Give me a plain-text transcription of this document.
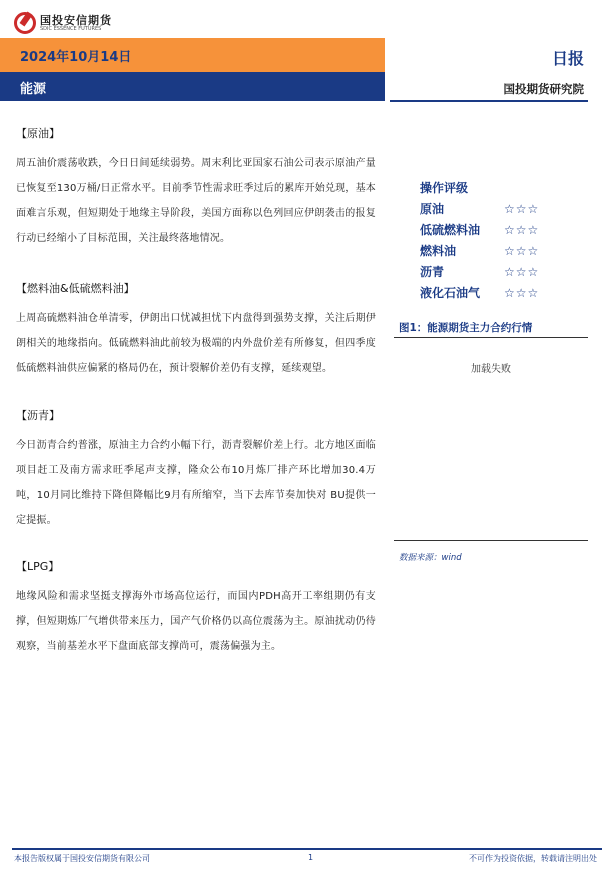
国投安信期货
SDIC ESSENCE FUTURES
2024年10月14日
能源
日报
国投期货研究院
【原油】
周五油价震荡收跌，今日日间延续弱势。周末利比亚国家石油公司表示原油产量已恢复至130万桶/日正常水平。目前季节性需求旺季过后的累库开始兑现，基本面难言乐观，但短期处于地缘主导阶段，美国方面称以色列回应伊朗袭击的报复行动已经缩小了目标范围，关注最终落地情况。
【燃料油&低硫燃料油】
上周高硫燃料油仓单清零，伊朗出口忧减担忧下内盘得到强势支撑，关注后期伊朗相关的地缘指向。低硫燃料油此前较为极端的内外盘价差有所修复，但四季度低硫燃料油供应偏紧的格局仍在，预计裂解价差仍有支撑，延续观望。
【沥青】
今日沥青合约普涨，原油主力合约小幅下行，沥青裂解价差上行。北方地区面临项目赶工及南方需求旺季尾声支撑，隆众公布10月炼厂排产环比增加30.4万吨，10月同比维持下降但降幅比9月有所缩窄，当下去库节奏加快对 BU提供一定提振。
【LPG】
地缘风险和需求坚挺支撑海外市场高位运行，而国内PDH高开工率组期仍有支撑，但短期炼厂气增供带来压力，国产气价格仍以高位震荡为主。原油扰动仍待观察，当前基差水平下盘面底部支撑尚可，震荡偏强为主。
操作评级
原油	☆☆☆
低硫燃料油	☆☆☆
燃料油	☆☆☆
沥青	☆☆☆
液化石油气	☆☆☆
图1：能源期货主力合约行情
加载失败
数据来源：wind
本报告版权属于国投安信期货有限公司	1	不可作为投资依据，转载请注明出处
